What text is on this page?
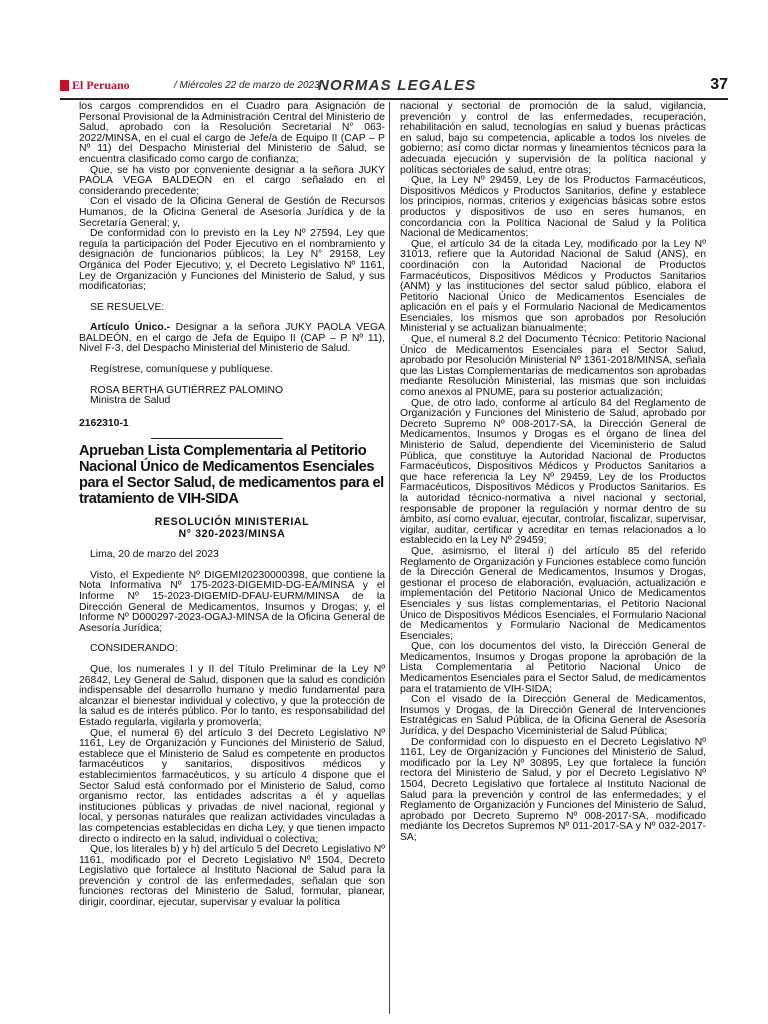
El Peruano	/ Miércoles 22 de marzo de 2023
NORMAS LEGALES	37

los cargos comprendidos en el Cuadro para Asignación de Personal Provisional de la Administración Central del Ministerio de Salud, aprobado con la Resolución Secretarial N° 063-2022/MINSA, en el cual el cargo de Jefe/a de Equipo II (CAP – P Nº 11) del Despacho Ministerial del Ministerio de Salud, se encuentra clasificado como cargo de confianza;

Que, se ha visto por conveniente designar a la señora JUKY PAOLA VEGA BALDEÓN en el cargo señalado en el considerando precedente;

Con el visado de la Oficina General de Gestión de Recursos Humanos, de la Oficina General de Asesoría Jurídica y de la Secretaría General; y,

De conformidad con lo previsto en la Ley Nº 27594, Ley que regula la participación del Poder Ejecutivo en el nombramiento y designación de funcionarios públicos; la Ley N° 29158, Ley Orgánica del Poder Ejecutivo; y, el Decreto Legislativo Nº 1161, Ley de Organización y Funciones del Ministerio de Salud, y sus modificatorias;

SE RESUELVE:

Artículo Único.- Designar a la señora JUKY PAOLA VEGA BALDEÓN, en el cargo de Jefa de Equipo II (CAP – P Nº 11), Nivel F-3, del Despacho Ministerial del Ministerio de Salud.

Regístrese, comuníquese y publíquese.

ROSA BERTHA GUTIÉRREZ PALOMINO

Ministra de Salud

2162310-1
Aprueban Lista Complementaria al Petitorio Nacional Único de Medicamentos Esenciales para el Sector Salud, de medicamentos para el tratamiento de VIH-SIDA
RESOLUCIÓN MINISTERIAL
N° 320-2023/MINSA

Lima, 20 de marzo del 2023

Visto, el Expediente Nº DIGEMI20230000398, que contiene la Nota Informativa Nº 175-2023-DIGEMID-DG-EA/MINSA y el Informe Nº 15-2023-DIGEMID-DFAU-EURM/MINSA de la Dirección General de Medicamentos, Insumos y Drogas; y, el Informe Nº D000297-2023-OGAJ-MINSA de la Oficina General de Asesoría Jurídica;

CONSIDERANDO:

Que, los numerales I y II del Título Preliminar de la Ley Nº 26842, Ley General de Salud, disponen que la salud es condición indispensable del desarrollo humano y medio fundamental para alcanzar el bienestar individual y colectivo, y que la protección de la salud es de interés público. Por lo tanto, es responsabilidad del Estado regularla, vigilarla y promoverla;

Que, el numeral 6) del artículo 3 del Decreto Legislativo Nº 1161, Ley de Organización y Funciones del Ministerio de Salud, establece que el Ministerio de Salud es competente en productos farmacéuticos y sanitarios, dispositivos médicos y establecimientos farmacéuticos, y su artículo 4 dispone que el Sector Salud está conformado por el Ministerio de Salud, como organismo rector, las entidades adscritas a él y aquellas instituciones públicas y privadas de nivel nacional, regional y local, y personas naturales que realizan actividades vinculadas a las competencias establecidas en dicha Ley, y que tienen impacto directo o indirecto en la salud, individual o colectiva;

Que, los literales b) y h) del artículo 5 del Decreto Legislativo Nº 1161, modificado por el Decreto Legislativo Nº 1504, Decreto Legislativo que fortalece al Instituto Nacional de Salud para la prevención y control de las enfermedades, señalan que son funciones rectoras del Ministerio de Salud, formular, planear, dirigir, coordinar, ejecutar, supervisar y evaluar la política

nacional y sectorial de promoción de la salud, vigilancia, prevención y control de las enfermedades, recuperación, rehabilitación en salud, tecnologías en salud y buenas prácticas en salud, bajo su competencia, aplicable a todos los niveles de gobierno; así como dictar normas y lineamientos técnicos para la adecuada ejecución y supervisión de la política nacional y políticas sectoriales de salud, entre otras;

Que, la Ley Nº 29459, Ley de los Productos Farmacéuticos, Dispositivos Médicos y Productos Sanitarios, define y establece los principios, normas, criterios y exigencias básicas sobre estos productos y dispositivos de uso en seres humanos, en concordancia con la Política Nacional de Salud y la Política Nacional de Medicamentos;

Que, el artículo 34 de la citada Ley, modificado por la Ley Nº 31013, refiere que la Autoridad Nacional de Salud (ANS), en coordinación con la Autoridad Nacional de Productos Farmacéuticos, Dispositivos Médicos y Productos Sanitarios (ANM) y las instituciones del sector salud público, elabora el Petitorio Nacional Único de Medicamentos Esenciales de aplicación en el país y el Formulario Nacional de Medicamentos Esenciales, los mismos que son aprobados por Resolución Ministerial y se actualizan bianualmente;

Que, el numeral 8.2 del Documento Técnico: Petitorio Nacional Único de Medicamentos Esenciales para el Sector Salud, aprobado por Resolución Ministerial Nº 1361-2018/MINSA, señala que las Listas Complementarias de medicamentos son aprobadas mediante Resolución Ministerial, las mismas que son incluidas como anexos al PNUME, para su posterior actualización;

Que, de otro lado, conforme al artículo 84 del Reglamento de Organización y Funciones del Ministerio de Salud, aprobado por Decreto Supremo Nº 008-2017-SA, la Dirección General de Medicamentos, Insumos y Drogas es el órgano de línea del Ministerio de Salud, dependiente del Viceministerio de Salud Pública, que constituye la Autoridad Nacional de Productos Farmacéuticos, Dispositivos Médicos y Productos Sanitarios a que hace referencia la Ley Nº 29459, Ley de los Productos Farmacéuticos, Dispositivos Médicos y Productos Sanitarios. Es la autoridad técnico-normativa a nivel nacional y sectorial, responsable de proponer la regulación y normar dentro de su ámbito, así como evaluar, ejecutar, controlar, fiscalizar, supervisar, vigilar, auditar, certificar y acreditar en temas relacionados a lo establecido en la Ley Nº 29459;

Que, asimismo, el literal i) del artículo 85 del referido Reglamento de Organización y Funciones establece como función de la Dirección General de Medicamentos, Insumos y Drogas, gestionar el proceso de elaboración, evaluación, actualización e implementación del Petitorio Nacional Único de Medicamentos Esenciales y sus listas complementarias, el Petitorio Nacional Único de Dispositivos Médicos Esenciales, el Formulario Nacional de Medicamentos y Formulario Nacional de Medicamentos Esenciales;

Que, con los documentos del visto, la Dirección General de Medicamentos, Insumos y Drogas propone la aprobación de la Lista Complementaria al Petitorio Nacional Único de Medicamentos Esenciales para el Sector Salud, de medicamentos para el tratamiento de VIH-SIDA;

Con el visado de la Dirección General de Medicamentos, Insumos y Drogas, de la Dirección General de Intervenciones Estratégicas en Salud Pública, de la Oficina General de Asesoría Jurídica, y del Despacho Viceministerial de Salud Pública;

De conformidad con lo dispuesto en el Decreto Legislativo Nº 1161, Ley de Organización y Funciones del Ministerio de Salud, modificado por la Ley Nº 30895, Ley que fortalece la función rectora del Ministerio de Salud, y por el Decreto Legislativo Nº 1504, Decreto Legislativo que fortalece al Instituto Nacional de Salud para la prevención y control de las enfermedades; y el Reglamento de Organización y Funciones del Ministerio de Salud, aprobado por Decreto Supremo Nº 008-2017-SA, modificado mediante los Decretos Supremos Nº 011-2017-SA y Nº 032-2017-SA;
